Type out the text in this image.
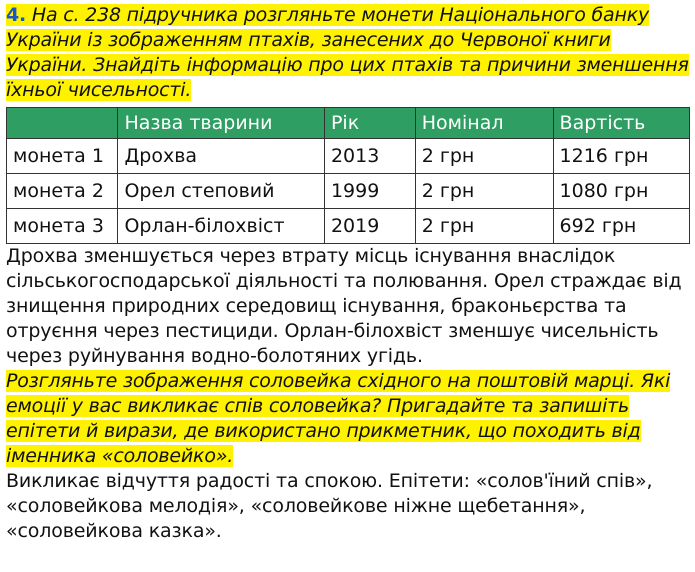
4. На с. 238 підручника розгляньте монети Національного банку України із зображенням птахів, занесених до Червоної книги України. Знайдіть інформацію про цих птахів та причини зменшення їхньої чисельності.

	Назва тварини	Рік	Номінал	Вартість
монета 1	Дрохва	2013	2 грн	1216 грн
монета 2	Орел степовий	1999	2 грн	1080 грн
монета 3	Орлан-білохвіст	2019	2 грн	692 грн

Дрохва зменшується через втрату місць існування внаслідок сільськогосподарської діяльності та полювання. Орел страждає від знищення природних середовищ існування, браконьєрства та отруєння через пестициди. Орлан-білохвіст зменшує чисельність через руйнування водно-болотяних угідь.

Розгляньте зображення соловейка східного на поштовій марці. Які емоції у вас викликає спів соловейка? Пригадайте та запишіть епітети й вирази, де використано прикметник, що походить від іменника «соловейко».

Викликає відчуття радості та спокою. Епітети: «солов'їний спів», «соловейкова мелодія», «соловейкове ніжне щебетання», «соловейкова казка».
